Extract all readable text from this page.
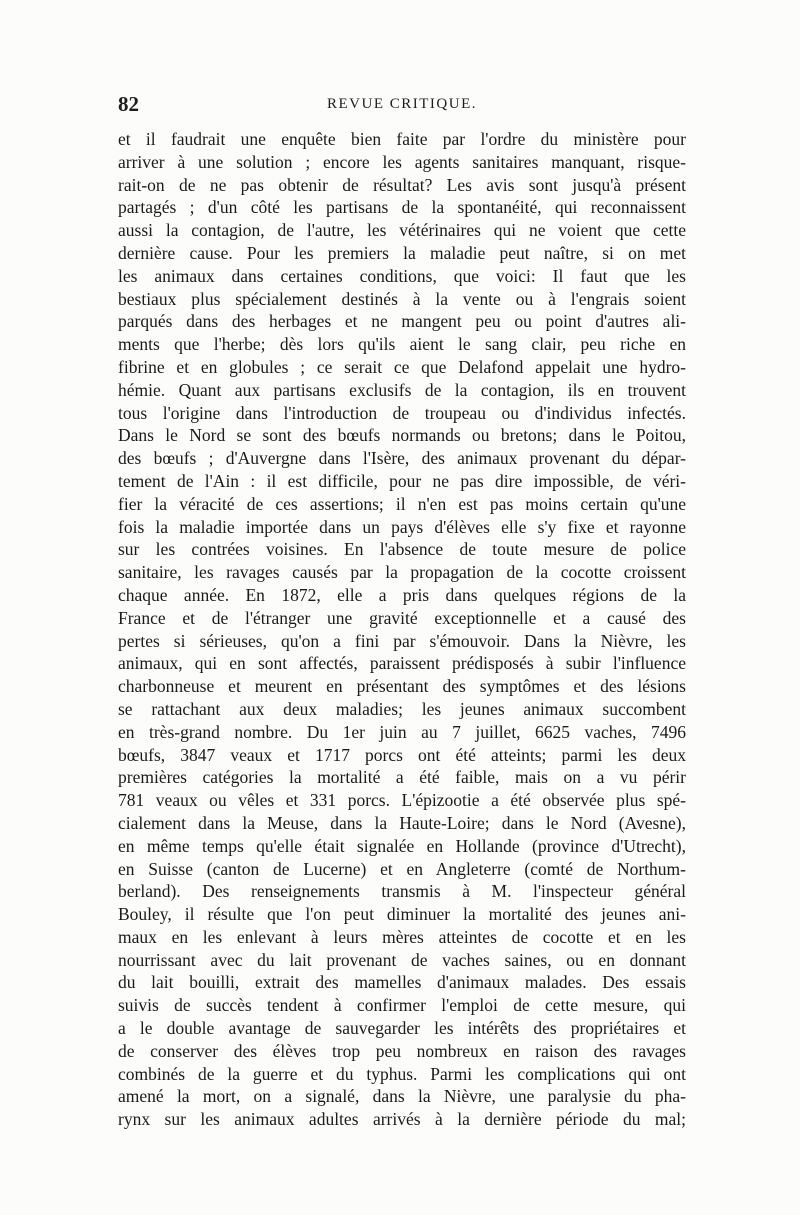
82	REVUE CRITIQUE.
et il faudrait une enquête bien faite par l'ordre du ministère pour
arriver à une solution ; encore les agents sanitaires manquant, risque-
rait-on de ne pas obtenir de résultat? Les avis sont jusqu'à présent
partagés ; d'un côté les partisans de la spontanéité, qui reconnaissent
aussi la contagion, de l'autre, les vétérinaires qui ne voient que cette
dernière cause. Pour les premiers la maladie peut naître, si on met
les animaux dans certaines conditions, que voici: Il faut que les
bestiaux plus spécialement destinés à la vente ou à l'engrais soient
parqués dans des herbages et ne mangent peu ou point d'autres ali-
ments que l'herbe; dès lors qu'ils aient le sang clair, peu riche en
fibrine et en globules ; ce serait ce que Delafond appelait une hydro-
hémie. Quant aux partisans exclusifs de la contagion, ils en trouvent
tous l'origine dans l'introduction de troupeau ou d'individus infectés.
Dans le Nord se sont des bœufs normands ou bretons; dans le Poitou,
des bœufs ; d'Auvergne dans l'Isère, des animaux provenant du dépar-
tement de l'Ain : il est difficile, pour ne pas dire impossible, de véri-
fier la véracité de ces assertions; il n'en est pas moins certain qu'une
fois la maladie importée dans un pays d'élèves elle s'y fixe et rayonne
sur les contrées voisines. En l'absence de toute mesure de police
sanitaire, les ravages causés par la propagation de la cocotte croissent
chaque année. En 1872, elle a pris dans quelques régions de la
France et de l'étranger une gravité exceptionnelle et a causé des
pertes si sérieuses, qu'on a fini par s'émouvoir. Dans la Nièvre, les
animaux, qui en sont affectés, paraissent prédisposés à subir l'influence
charbonneuse et meurent en présentant des symptômes et des lésions
se rattachant aux deux maladies; les jeunes animaux succombent
en très-grand nombre. Du 1er juin au 7 juillet, 6625 vaches, 7496
bœufs, 3847 veaux et 1717 porcs ont été atteints; parmi les deux
premières catégories la mortalité a été faible, mais on a vu périr
781 veaux ou vêles et 331 porcs. L'épizootie a été observée plus spé-
cialement dans la Meuse, dans la Haute-Loire; dans le Nord (Avesne),
en même temps qu'elle était signalée en Hollande (province d'Utrecht),
en Suisse (canton de Lucerne) et en Angleterre (comté de Northum-
berland). Des renseignements transmis à M. l'inspecteur général
Bouley, il résulte que l'on peut diminuer la mortalité des jeunes ani-
maux en les enlevant à leurs mères atteintes de cocotte et en les
nourrissant avec du lait provenant de vaches saines, ou en donnant
du lait bouilli, extrait des mamelles d'animaux malades. Des essais
suivis de succès tendent à confirmer l'emploi de cette mesure, qui
a le double avantage de sauvegarder les intérêts des propriétaires et
de conserver des élèves trop peu nombreux en raison des ravages
combinés de la guerre et du typhus. Parmi les complications qui ont
amené la mort, on a signalé, dans la Nièvre, une paralysie du pha-
rynx sur les animaux adultes arrivés à la dernière période du mal;
